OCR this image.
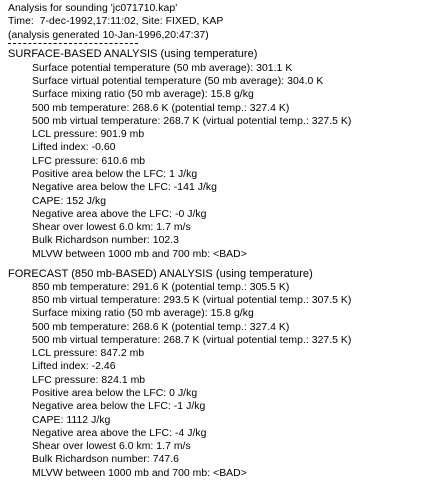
Analysis for sounding 'jc071710.kap'
Time:  7-dec-1992,17:11:02, Site: FIXED, KAP
(analysis generated 10-Jan-1996,20:47:37)
SURFACE-BASED ANALYSIS (using temperature)
Surface potential temperature (50 mb average): 301.1 K
Surface virtual potential temperature (50 mb average): 304.0 K
Surface mixing ratio (50 mb average): 15.8 g/kg
500 mb temperature: 268.6 K (potential temp.: 327.4 K)
500 mb virtual temperature: 268.7 K (virtual potential temp.: 327.5 K)
LCL pressure: 901.9 mb
Lifted index: -0.60
LFC pressure: 610.6 mb
Positive area below the LFC: 1 J/kg
Negative area below the LFC: -141 J/kg
CAPE: 152 J/kg
Negative area above the LFC: -0 J/kg
Shear over lowest 6.0 km: 1.7 m/s
Bulk Richardson number: 102.3
MLVW between 1000 mb and 700 mb: <BAD>
FORECAST (850 mb-BASED) ANALYSIS (using temperature)
850 mb temperature: 291.6 K (potential temp.: 305.5 K)
850 mb virtual temperature: 293.5 K (virtual potential temp.: 307.5 K)
Surface mixing ratio (50 mb average): 15.8 g/kg
500 mb temperature: 268.6 K (potential temp.: 327.4 K)
500 mb virtual temperature: 268.7 K (virtual potential temp.: 327.5 K)
LCL pressure: 847.2 mb
Lifted index: -2.46
LFC pressure: 824.1 mb
Positive area below the LFC: 0 J/kg
Negative area below the LFC: -1 J/kg
CAPE: 1112 J/kg
Negative area above the LFC: -4 J/kg
Shear over lowest 6.0 km: 1.7 m/s
Bulk Richardson number: 747.6
MLVW between 1000 mb and 700 mb: <BAD>
